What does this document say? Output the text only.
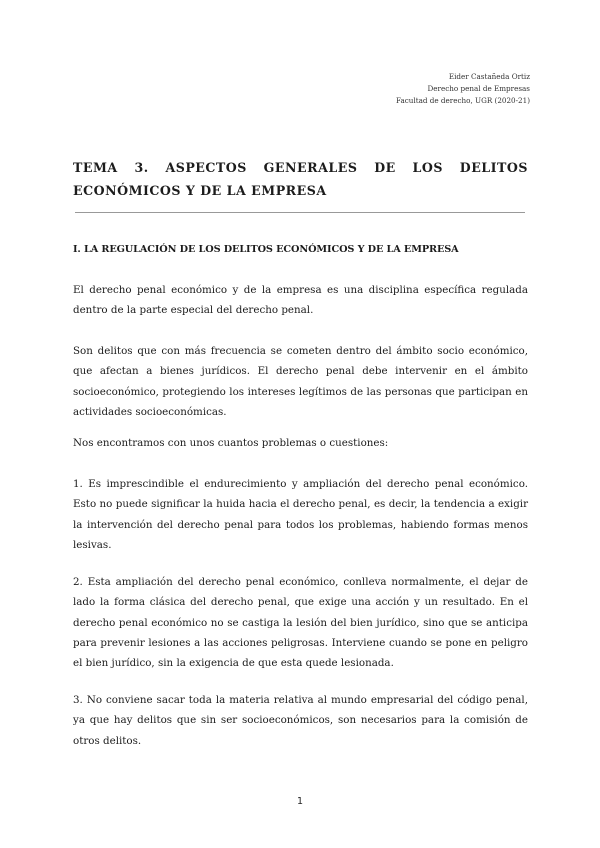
Eider Castañeda Ortiz
Derecho penal de Empresas
Facultad de derecho, UGR (2020-21)
TEMA 3. ASPECTOS GENERALES DE LOS DELITOS ECONÓMICOS Y DE LA EMPRESA
I. LA REGULACIÓN DE LOS DELITOS ECONÓMICOS Y DE LA EMPRESA

El derecho penal económico y de la empresa es una disciplina específica regulada dentro de la parte especial del derecho penal.

Son delitos que con más frecuencia se cometen dentro del ámbito socio económico, que afectan a bienes jurídicos. El derecho penal debe intervenir en el ámbito socioeconómico, protegiendo los intereses legítimos de las personas que participan en actividades socioeconómicas.

Nos encontramos con unos cuantos problemas o cuestiones:

1. Es imprescindible el endurecimiento y ampliación del derecho penal económico. Esto no puede significar la huida hacia el derecho penal, es decir, la tendencia a exigir la intervención del derecho penal para todos los problemas, habiendo formas menos lesivas.

2. Esta ampliación del derecho penal económico, conlleva normalmente, el dejar de lado la forma clásica del derecho penal, que exige una acción y un resultado. En el derecho penal económico no se castiga la lesión del bien jurídico, sino que se anticipa para prevenir lesiones a las acciones peligrosas. Interviene cuando se pone en peligro el bien jurídico, sin la exigencia de que esta quede lesionada.

3. No conviene sacar toda la materia relativa al mundo empresarial del código penal, ya que hay delitos que sin ser socioeconómicos, son necesarios para la comisión de otros delitos.

1
